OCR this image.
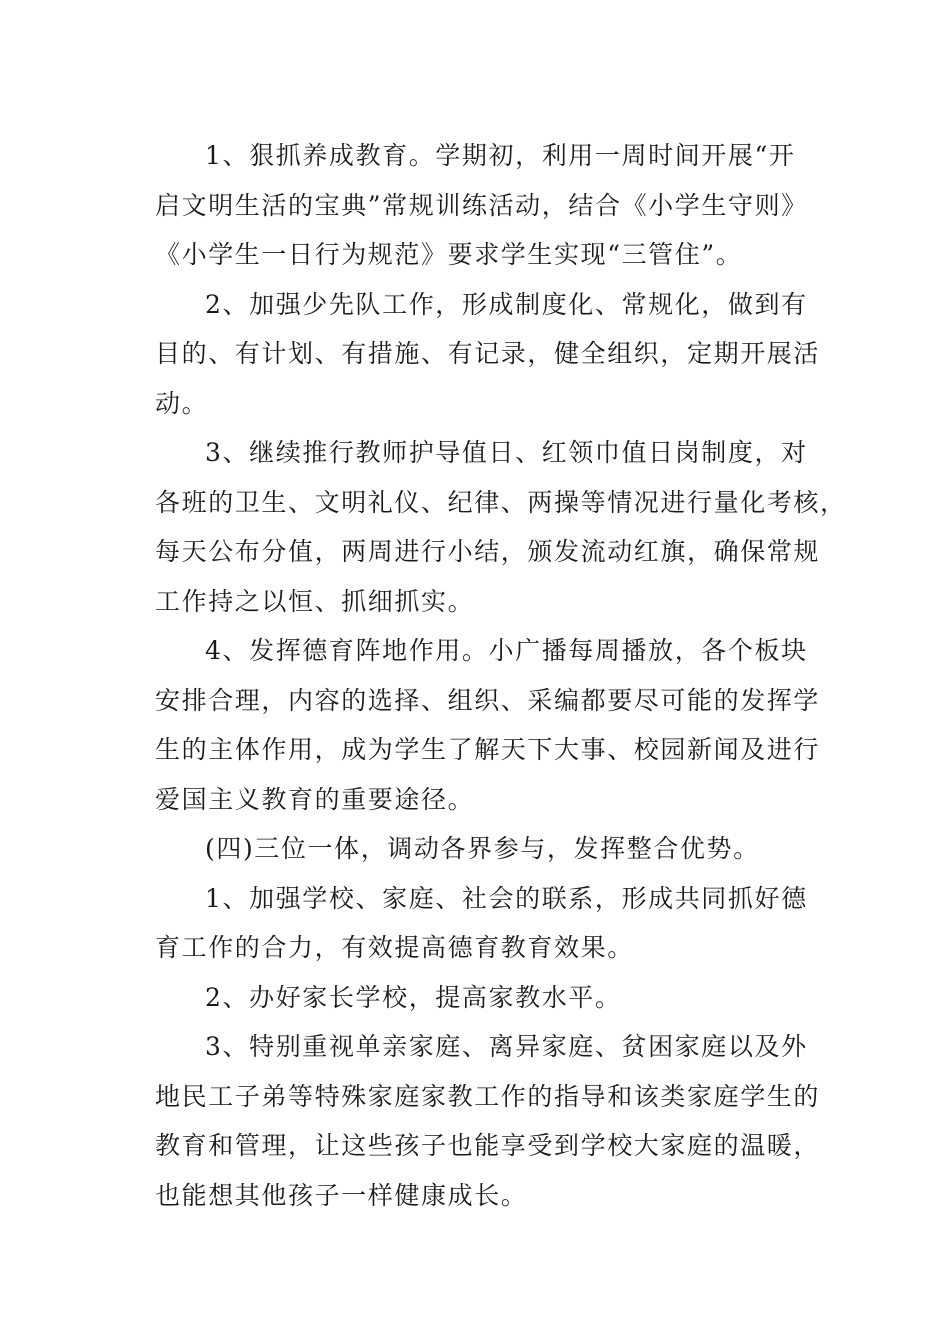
1、狠抓养成教育。学期初，利用一周时间开展“开
启文明生活的宝典”常规训练活动，结合《小学生守则》
《小学生一日行为规范》要求学生实现“三管住”。
2、加强少先队工作，形成制度化、常规化，做到有
目的、有计划、有措施、有记录，健全组织，定期开展活
动。
3、继续推行教师护导值日、红领巾值日岗制度，对
各班的卫生、文明礼仪、纪律、两操等情况进行量化考核，
每天公布分值，两周进行小结，颁发流动红旗，确保常规
工作持之以恒、抓细抓实。
4、发挥德育阵地作用。小广播每周播放，各个板块
安排合理，内容的选择、组织、采编都要尽可能的发挥学
生的主体作用，成为学生了解天下大事、校园新闻及进行
爱国主义教育的重要途径。
(四)三位一体，调动各界参与，发挥整合优势。
1、加强学校、家庭、社会的联系，形成共同抓好德
育工作的合力，有效提高德育教育效果。
2、办好家长学校，提高家教水平。
3、特别重视单亲家庭、离异家庭、贫困家庭以及外
地民工子弟等特殊家庭家教工作的指导和该类家庭学生的
教育和管理，让这些孩子也能享受到学校大家庭的温暖，
也能想其他孩子一样健康成长。
